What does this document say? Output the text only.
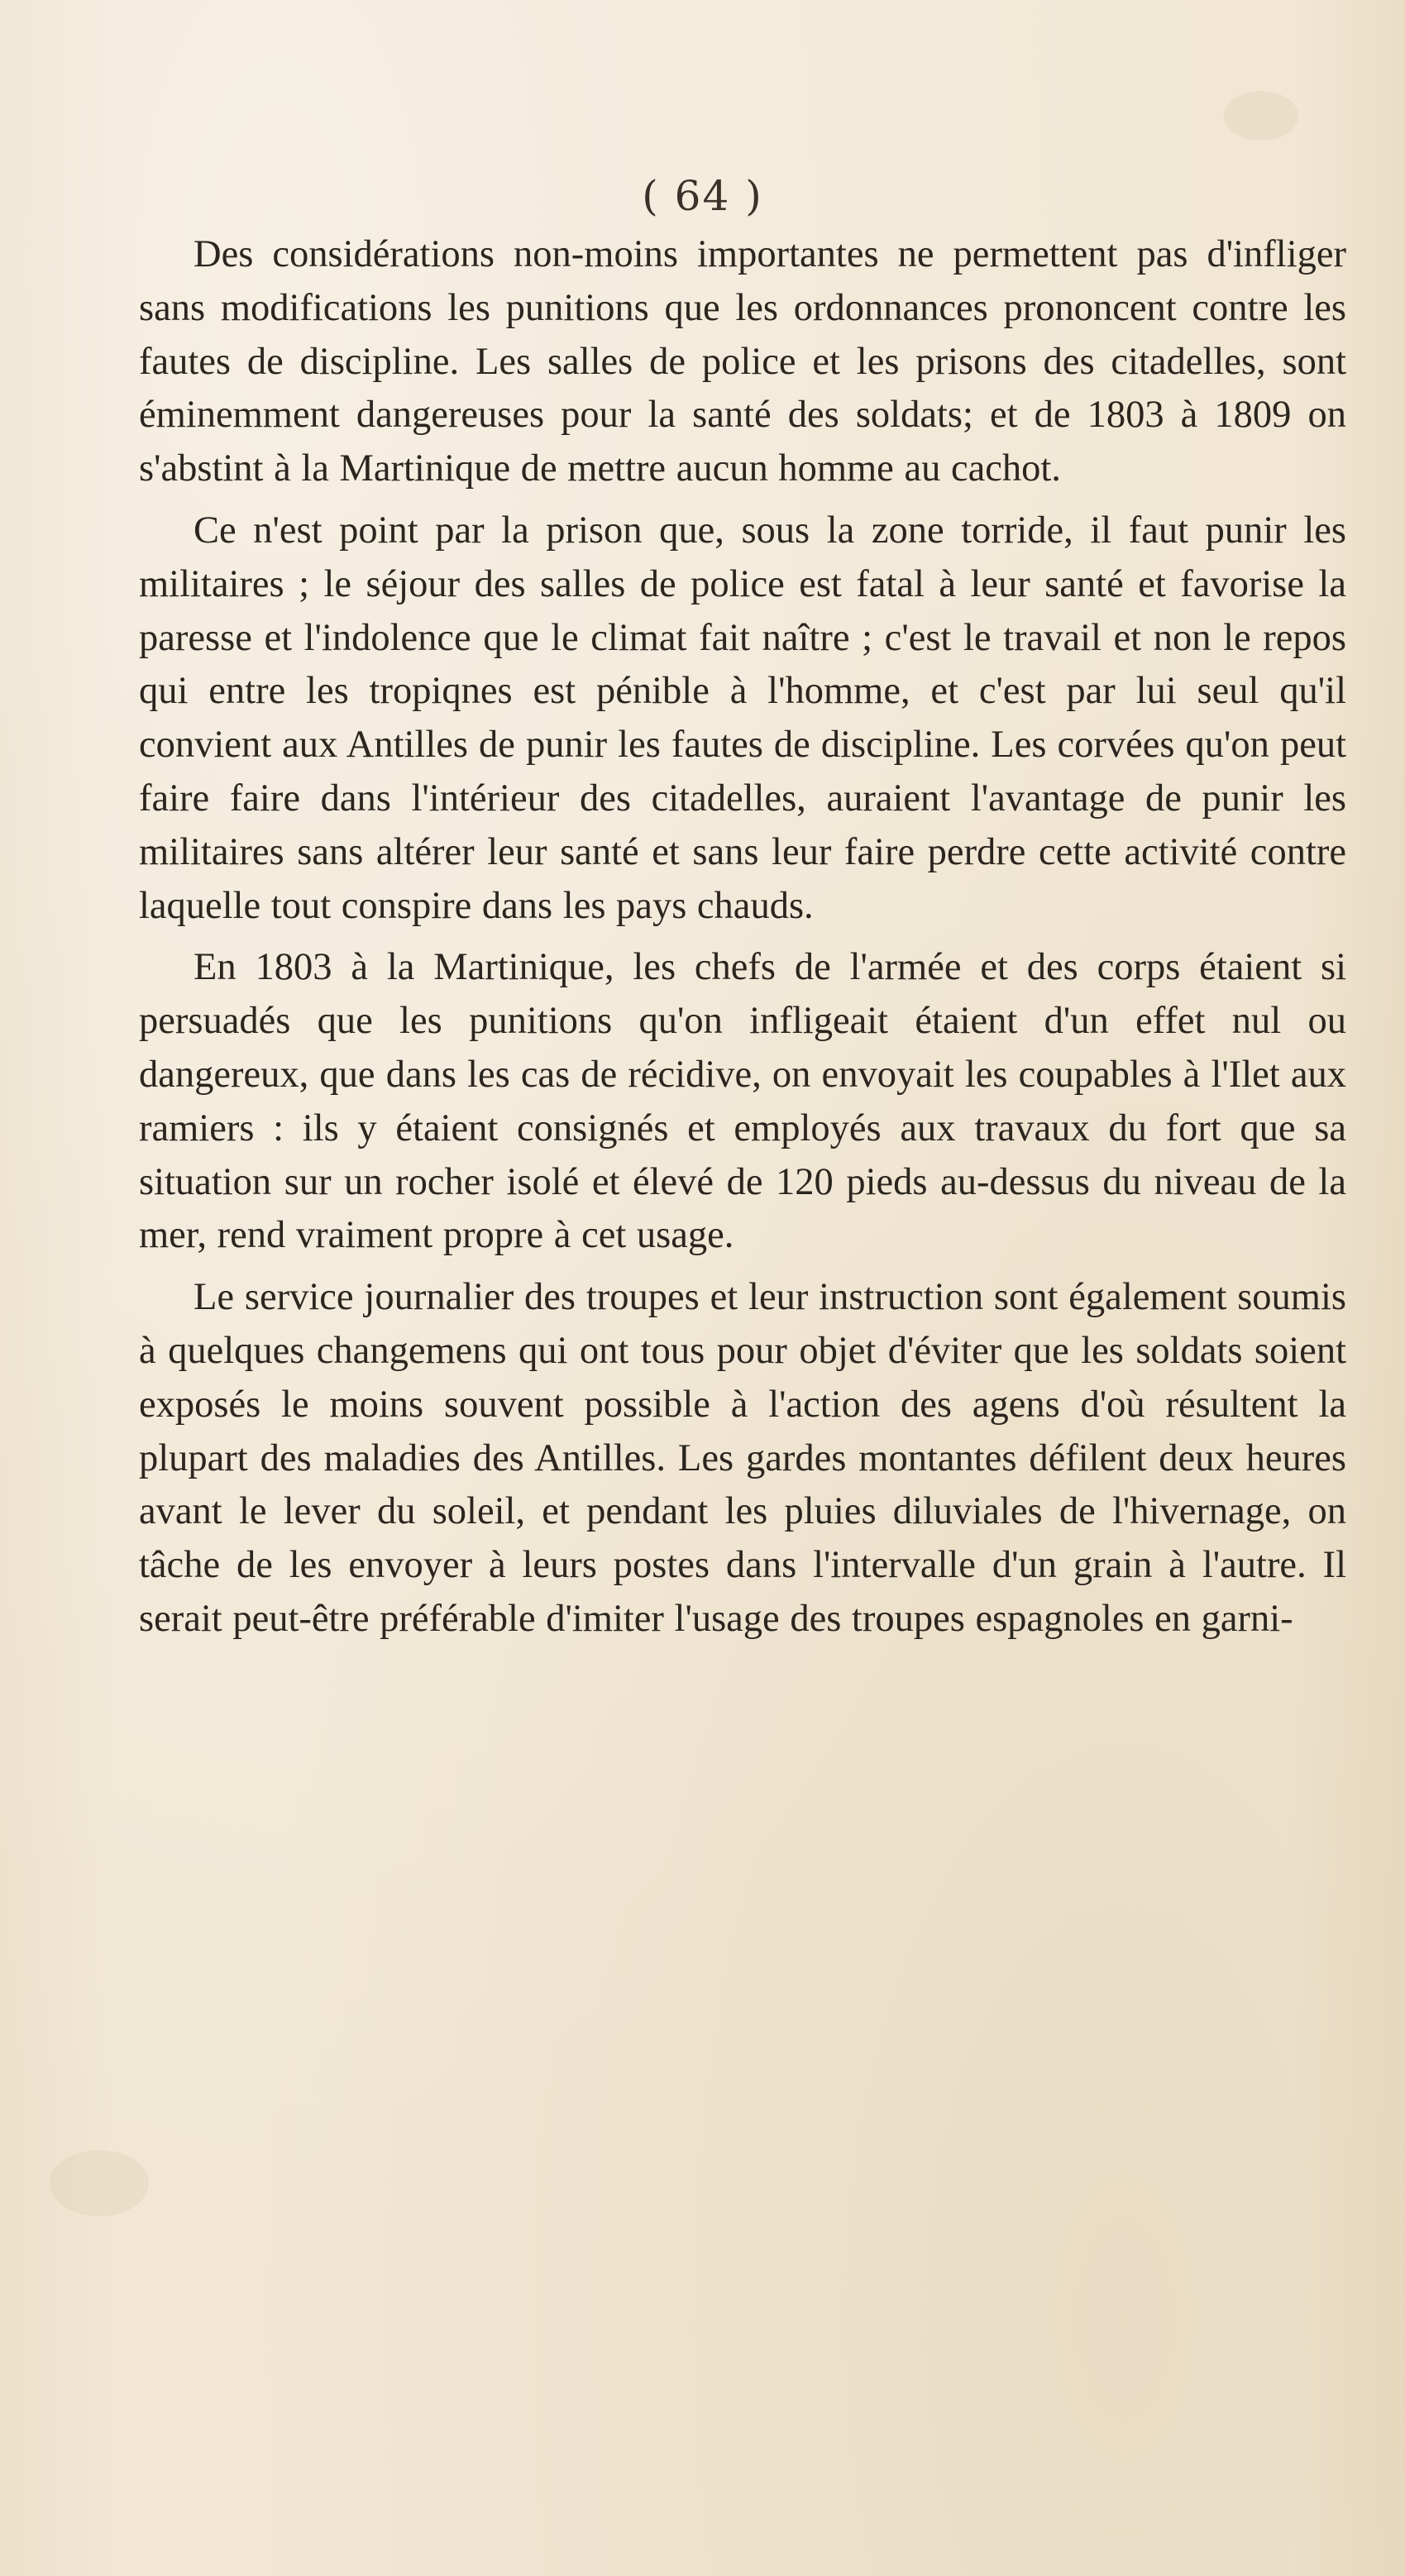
( 64 )

Des considérations non-moins importantes ne permettent pas d'infliger sans modifications les punitions que les ordonnances prononcent contre les fautes de discipline. Les salles de police et les prisons des citadelles, sont éminemment dangereuses pour la santé des soldats; et de 1803 à 1809 on s'abstint à la Martinique de mettre aucun homme au cachot.

Ce n'est point par la prison que, sous la zone torride, il faut punir les militaires ; le séjour des salles de police est fatal à leur santé et favorise la paresse et l'indolence que le climat fait naître ; c'est le travail et non le repos qui entre les tropiqnes est pénible à l'homme, et c'est par lui seul qu'il convient aux Antilles de punir les fautes de discipline. Les corvées qu'on peut faire faire dans l'intérieur des citadelles, auraient l'avantage de punir les militaires sans altérer leur santé et sans leur faire perdre cette activité contre laquelle tout conspire dans les pays chauds.

En 1803 à la Martinique, les chefs de l'armée et des corps étaient si persuadés que les punitions qu'on infligeait étaient d'un effet nul ou dangereux, que dans les cas de récidive, on envoyait les coupables à l'Ilet aux ramiers : ils y étaient consignés et employés aux travaux du fort que sa situation sur un rocher isolé et élevé de 120 pieds au-dessus du niveau de la mer, rend vraiment propre à cet usage.

Le service journalier des troupes et leur instruction sont également soumis à quelques changemens qui ont tous pour objet d'éviter que les soldats soient exposés le moins souvent possible à l'action des agens d'où résultent la plupart des maladies des Antilles. Les gardes montantes défilent deux heures avant le lever du soleil, et pendant les pluies diluviales de l'hivernage, on tâche de les envoyer à leurs postes dans l'intervalle d'un grain à l'autre. Il serait peut-être préférable d'imiter l'usage des troupes espagnoles en garni-
